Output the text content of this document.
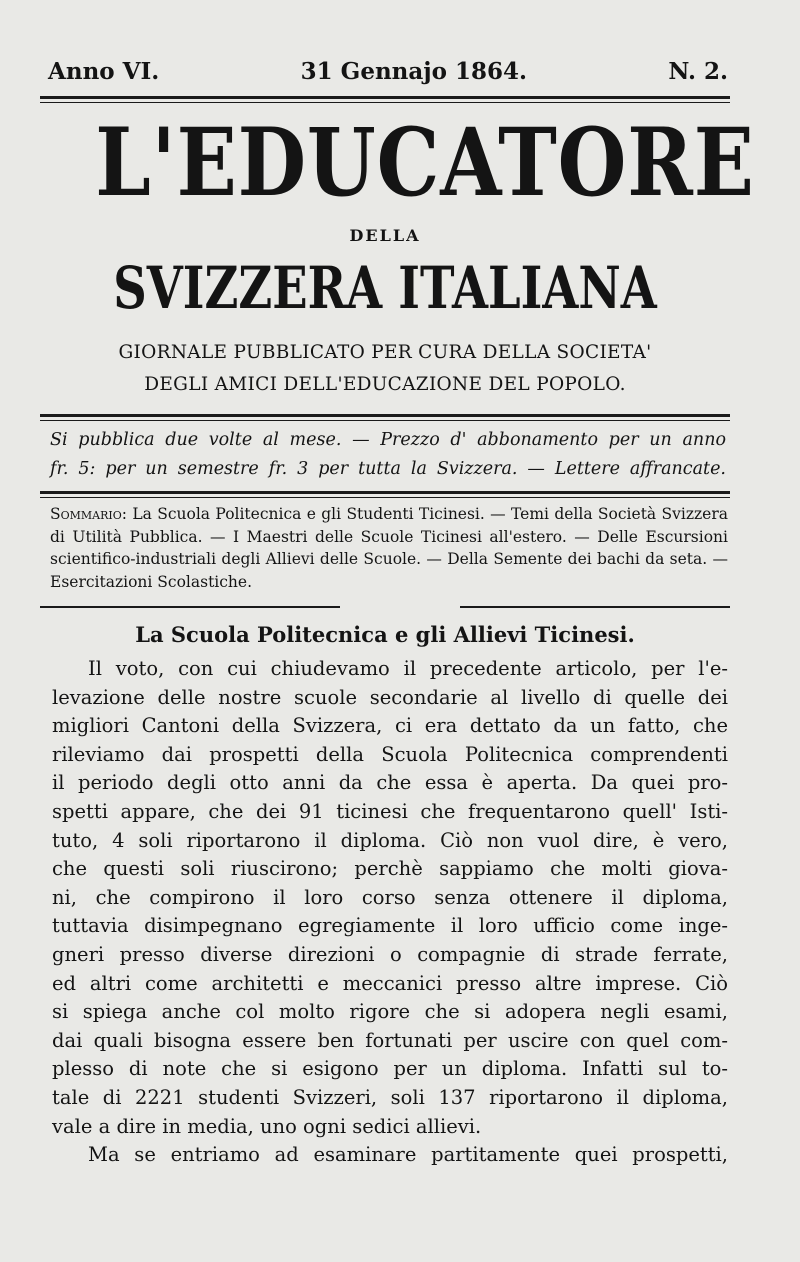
Anno VI.	31 Gennajo 1864.	N. 2.
L'EDUCATORE
DELLA
SVIZZERA ITALIANA
GIORNALE PUBBLICATO PER CURA DELLA SOCIETA'
DEGLI AMICI DELL'EDUCAZIONE DEL POPOLO.
Si pubblica due volte al mese. — Prezzo d' abbonamento per un anno
fr. 5: per un semestre fr. 3 per tutta la Svizzera. — Lettere affrancate.
Sommario: La Scuola Politecnica e gli Studenti Ticinesi. — Temi della Società Svizzera di Utilità Pubblica. — I Maestri delle Scuole Ticinesi all'estero. — Delle Escursioni scientifico-industriali degli Allievi delle Scuole. — Della Semente dei bachi da seta. — Esercitazioni Scolastiche.
La Scuola Politecnica e gli Allievi Ticinesi.

Il voto, con cui chiudevamo il precedente articolo, per l'e-

levazione delle nostre scuole secondarie al livello di quelle dei

migliori Cantoni della Svizzera, ci era dettato da un fatto, che

rileviamo dai prospetti della Scuola Politecnica comprendenti

il periodo degli otto anni da che essa è aperta. Da quei pro-

spetti appare, che dei 91 ticinesi che frequentarono quell' Isti-

tuto, 4 soli riportarono il diploma. Ciò non vuol dire, è vero,

che questi soli riuscirono; perchè sappiamo che molti giova-

ni, che compirono il loro corso senza ottenere il diploma,

tuttavia disimpegnano egregiamente il loro ufficio come inge-

gneri presso diverse direzioni o compagnie di strade ferrate,

ed altri come architetti e meccanici presso altre imprese. Ciò

si spiega anche col molto rigore che si adopera negli esami,

dai quali bisogna essere ben fortunati per uscire con quel com-

plesso di note che si esigono per un diploma. Infatti sul to-

tale di 2221 studenti Svizzeri, soli 137 riportarono il diploma,

vale a dire in media, uno ogni sedici allievi.

Ma se entriamo ad esaminare partitamente quei prospetti,
